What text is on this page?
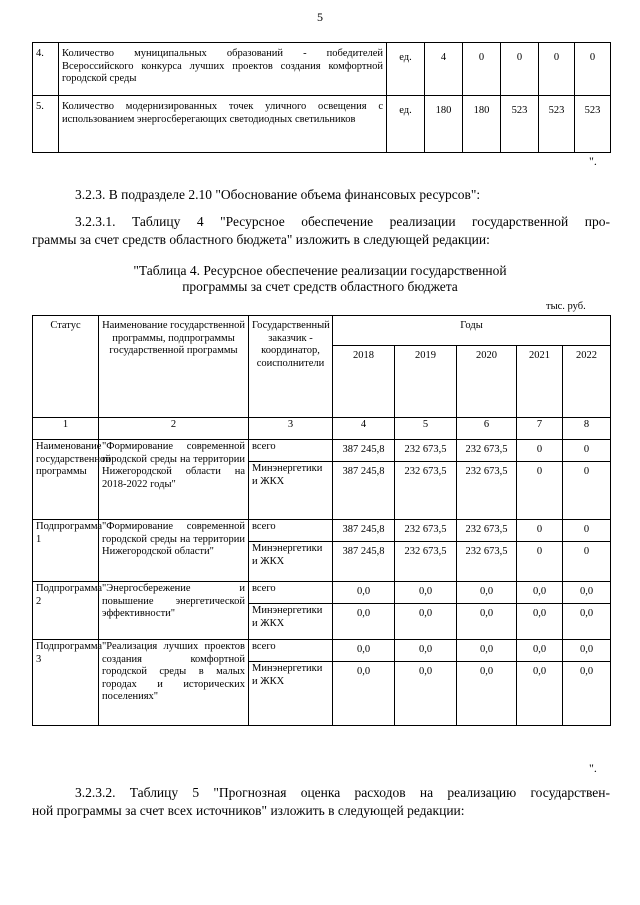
5
4.	Количество муниципальных образований - победителей Всероссийского конкурса лучших проектов создания комфортной городской среды	ед.	4	0	0	0	0
5.	Количество модернизированных точек уличного освещения с использованием энергосберегающих светодиодных светильников	ед.	180	180	523	523	523
".
3.2.3. В подразделе 2.10 "Обоснование объема финансовых ресурсов":
3.2.3.1. Таблицу 4 "Ресурсное обеспечение реализации государственной про-
граммы за счет средств областного бюджета" изложить в следующей редакции:
"Таблица 4. Ресурсное обеспечение реализации государственной
программы за счет средств областного бюджета
тыс. руб.
Статус	Наименование государственной программы, подпрограммы государственной программы	Государственный заказчик - координатор, соисполнители	Годы				
			2018	2019	2020	2021	2022
1	2	3	4	5	6	7	8
Наименование государственной программы	"Формирование современной городской среды на территории Нижегородской области на 2018-2022 годы"	всего	387 245,8	232 673,5	232 673,5	0	0
		Минэнергетики и ЖКХ	387 245,8	232 673,5	232 673,5	0	0
Подпрограмма 1	"Формирование современной городской среды на территории Нижегородской области"	всего	387 245,8	232 673,5	232 673,5	0	0
		Минэнергетики и ЖКХ	387 245,8	232 673,5	232 673,5	0	0
Подпрограмма 2	"Энергосбережение и повышение энергетической эффективности"	всего	0,0	0,0	0,0	0,0	0,0
		Минэнергетики и ЖКХ	0,0	0,0	0,0	0,0	0,0
Подпрограмма 3	"Реализация лучших проектов создания комфортной городской среды в малых городах и исторических поселениях"	всего	0,0	0,0	0,0	0,0	0,0
		Минэнергетики и ЖКХ	0,0	0,0	0,0	0,0	0,0
".
3.2.3.2. Таблицу 5 "Прогнозная оценка расходов на реализацию государствен-
ной программы за счет всех источников" изложить в следующей редакции:
